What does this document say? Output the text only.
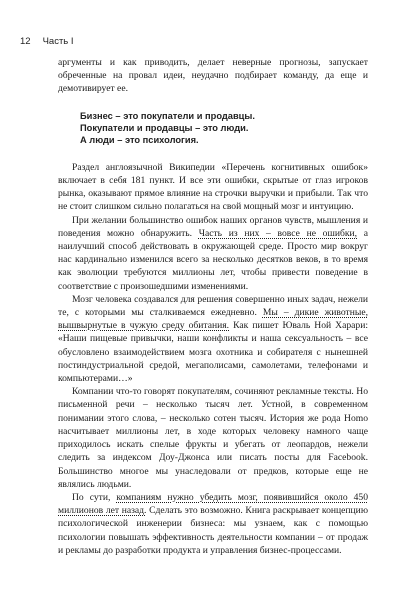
12 Часть I

аргументы и как приводить, делает неверные прогнозы, запускает обреченные на провал идеи, неудачно подбирает команду, да еще и демотивирует ее.

Бизнес – это покупатели и продавцы.
Покупатели и продавцы – это люди.
А люди – это психология.

Раздел англоязычной Википедии «Перечень когнитивных ошибок» включает в себя 181 пункт. И все эти ошибки, скрытые от глаз игроков рынка, оказывают прямое влияние на строчки выручки и прибыли. Так что не стоит слишком сильно полагаться на свой мощный мозг и интуицию.

При желании большинство ошибок наших органов чувств, мышления и поведения можно обнаружить. Часть из них – вовсе не ошибки, а наилучший способ действовать в окружающей среде. Просто мир вокруг нас кардинально изменился всего за несколько десятков веков, в то время как эволюции требуются миллионы лет, чтобы привести поведение в соответствие с произошедшими изменениями.

Мозг человека создавался для решения совершенно иных задач, нежели те, с которыми мы сталкиваемся ежедневно. Мы – дикие животные, вышвырнутые в чужую среду обитания. Как пишет Юваль Ной Харари: «Наши пищевые привычки, наши конфликты и наша сексуальность – все обусловлено взаимодействием мозга охотника и собирателя с нынешней постиндустриальной средой, мегаполисами, самолетами, телефонами и компьютерами…»

Компании что-то говорят покупателям, сочиняют рекламные тексты. Но письменной речи – несколько тысяч лет. Устной, в современном понимании этого слова, – несколько сотен тысяч. История же рода Homo насчитывает миллионы лет, в ходе которых человеку намного чаще приходилось искать спелые фрукты и убегать от леопардов, нежели следить за индексом Доу-Джонса или писать посты для Facebook. Большинство многое мы унаследовали от предков, которые еще не являлись людьми.

По сути, компаниям нужно убедить мозг, появившийся около 450 миллионов лет назад. Сделать это возможно. Книга раскрывает концепцию психологической инженерии бизнеса: мы узнаем, как с помощью психологии повышать эффективность деятельности компании – от продаж и рекламы до разработки продукта и управления бизнес-процессами.
